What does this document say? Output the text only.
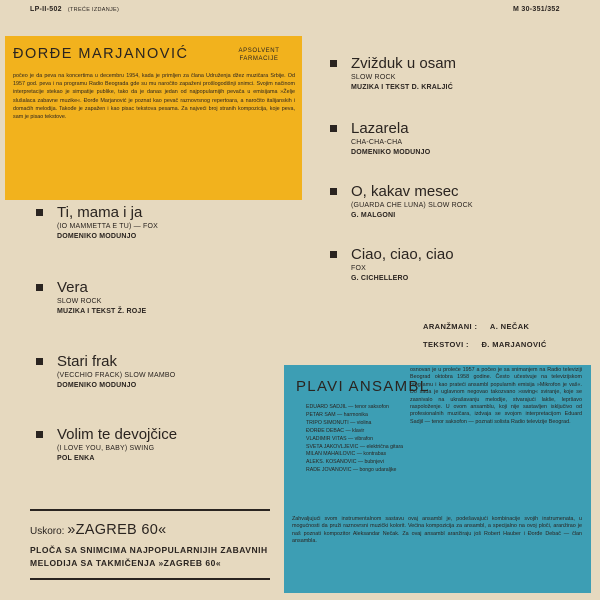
LP-II-502 (TREĆE IZDANJE)	M 30-351/352
ĐORĐE MARJANOVIĆ	APSOLVENT
FARMACIJE
počeo je da peva na koncertima u decembru 1954, kada je primljen za člana Udruženja džez muzičara Srbije. Od 1957 god. peva i na programu Radio Beograda gde su mu naročito zapaženi prošlogodišnji snimci. Svojim načinom interpretacije stekao je simpatije publike, tako da je danas jedan od najpopularnijih pevača u emisijama »Želje slušalaca zabavne muzike«. Đorđe Marjanović je poznat kao pevač raznovrsnog repertoara, a naročito italijanskih i domaćih melodija. Takođe je zapažen i kao pisac tekstova pesama. Za najveći broj stranih kompozicija, koje peva, sam je pisao tekstove.
Ti, mama i ja
(IO MAMMETTA E TU) — FOX
DOMENIKO MODUNJO
Vera
SLOW ROCK
MUZIKA I TEKST Ž. ROJE
Stari frak
(VECCHIO FRACK) SLOW MAMBO
DOMENIKO MODUNJO
Volim te devojčice
(I LOVE YOU, BABY) SWING
POL ENKA
Zvižduk u osam
SLOW ROCK
MUZIKA I TEKST D. KRALJIĆ
Lazarela
CHA-CHA-CHA
DOMENIKO MODUNJO
O, kakav mesec
(GUARDA CHE LUNA) SLOW ROCK
G. MALGONI
Ciao, ciao, ciao
FOX
G. CICHELLERO
ARANŽMANI : A. NEČAK
TEKSTOVI : Đ. MARJANOVIĆ
Uskoro: »ZAGREB 60«
PLOČA SA SNIMCIMA NAJPOPULARNIJIH ZABAVNIH
MELODIJA SA TAKMIČENJA »ZAGREB 60«
PLAVI ANSAMBL
osnovan je u proleće 1957 a počeo je sa snimanjem na Radio televiziji Beograd oktobra 1958 godine. Često učestvuje na televizijskom programu i kao prateći ansambl popularnih emisija »Mikrofon je vaš«. Do sada je uglavnom negovao takozvano »swing« sviranje, koje se zasnivalo na ukrašavanju melodije, stvarajući lakše, lepršavo raspoloženje. U ovom ansamblu, koji nije sastavljen isključivo od profesionalnih muzičara, izdvaja se svojom interpretacijom Eduard Sadjil — tenor saksofon — poznati solista Radio televizije Beograd.
EDUARD SADJIL — tenor saksofon
PETAR SAM — harmonika
TRIPO SIMONUTI — violina
ĐORĐE DEBAČ — klavir
VLADIMIR VITAS — vibrafon
SVETA JAKOVLJEVIĆ — električna gitara
MILAN MAHAILOVIĆ — kontrabas
ALEKS. KOSANOVIĆ — bubnjevi
RADE JOVANOVIĆ — bongo udaraljke
Zahvaljujući svom instrumentalnom sastavu ovaj ansambl je, podešavajući kombinacije svojih instrumenata, u mogućnosti da pruži raznovrsni muzički kolorit. Većina kompozicija za ansambl, a specijalno na ovoj ploči, aranžirao je naš poznati kompozitor Aleksandar Nečak. Za ovaj ansambl aranžiraju još Robert Hauber i Đorđe Debač — član ansambla.
